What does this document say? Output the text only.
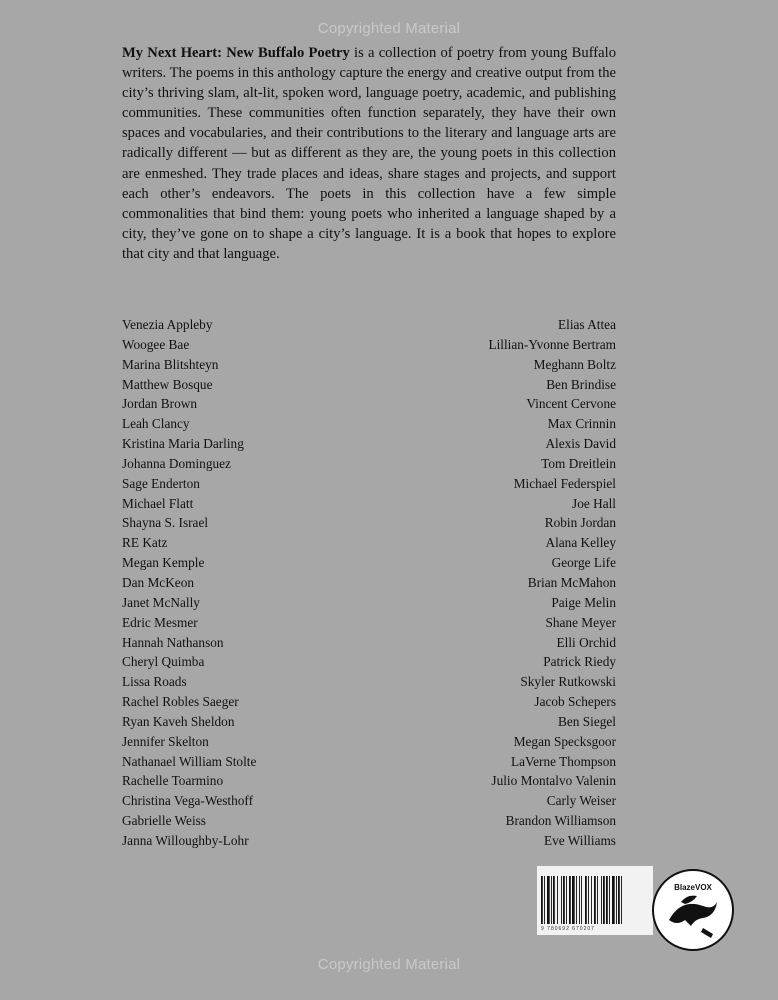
Copyrighted Material

My Next Heart: New Buffalo Poetry is a collection of poetry from young Buffalo writers. The poems in this anthology capture the energy and creative output from the city’s thriving slam, alt-lit, spoken word, language poetry, academic, and publishing communities. These communities often function separately, they have their own spaces and vocabularies, and their contributions to the literary and language arts are radically different — but as different as they are, the young poets in this collection are enmeshed. They trade places and ideas, share stages and projects, and support each other’s endeavors. The poets in this collection have a few simple commonalities that bind them: young poets who inherited a language shaped by a city, they’ve gone on to shape a city’s language. It is a book that hopes to explore that city and that language.

Venezia Appleby
Woogee Bae
Marina Blitshteyn
Matthew Bosque
Jordan Brown
Leah Clancy
Kristina Maria Darling
Johanna Dominguez
Sage Enderton
Michael Flatt
Shayna S. Israel
RE Katz
Megan Kemple
Dan McKeon
Janet McNally
Edric Mesmer
Hannah Nathanson
Cheryl Quimba
Lissa Roads
Rachel Robles Saeger
Ryan Kaveh Sheldon
Jennifer Skelton
Nathanael William Stolte
Rachelle Toarmino
Christina Vega-Westhoff
Gabrielle Weiss
Janna Willoughby-Lohr
Elias Attea
Lillian-Yvonne Bertram
Meghann Boltz
Ben Brindise
Vincent Cervone
Max Crinnin
Alexis David
Tom Dreitlein
Michael Federspiel
Joe Hall
Robin Jordan
Alana Kelley
George Life
Brian McMahon
Paige Melin
Shane Meyer
Elli Orchid
Patrick Riedy
Skyler Rutkowski
Jacob Schepers
Ben Siegel
Megan Specksgoor
LaVerne Thompson
Julio Montalvo Valenin
Carly Weiser
Brandon Williamson
Eve Williams
9 780692 670207
BlazeVOX
Copyrighted Material
